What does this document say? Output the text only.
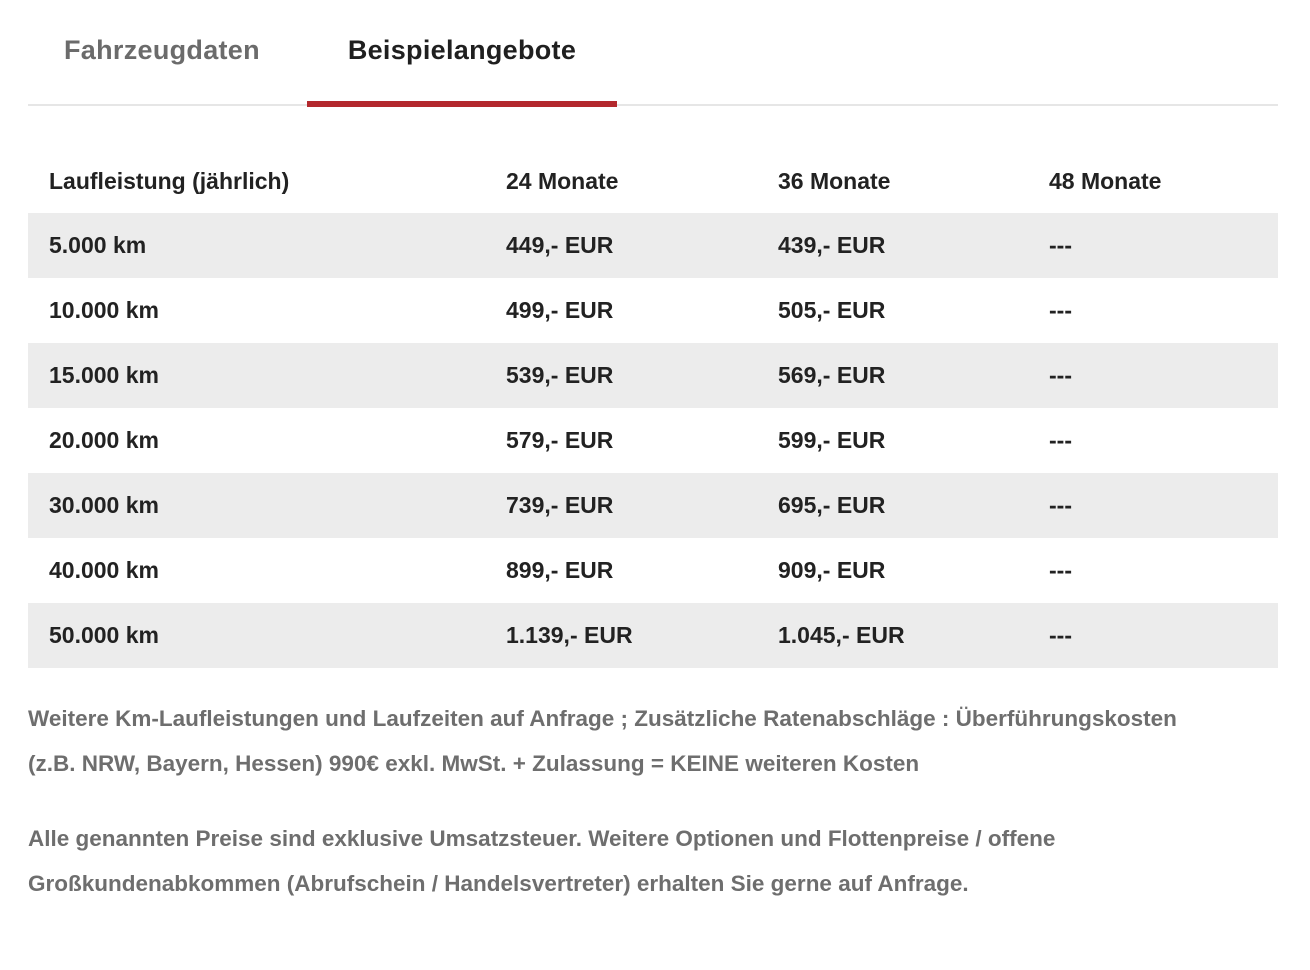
Fahrzeugdaten	Beispielangebote
Laufleistung (jährlich)	24 Monate	36 Monate	48 Monate
5.000 km	449,- EUR	439,- EUR	---
10.000 km	499,- EUR	505,- EUR	---
15.000 km	539,- EUR	569,- EUR	---
20.000 km	579,- EUR	599,- EUR	---
30.000 km	739,- EUR	695,- EUR	---
40.000 km	899,- EUR	909,- EUR	---
50.000 km	1.139,- EUR	1.045,- EUR	---

Weitere Km-Laufleistungen und Laufzeiten auf Anfrage ; Zusätzliche Ratenabschläge : Überführungskosten
(z.B. NRW, Bayern, Hessen) 990€ exkl. MwSt. + Zulassung = KEINE weiteren Kosten

Alle genannten Preise sind exklusive Umsatzsteuer. Weitere Optionen und Flottenpreise / offene
Großkundenabkommen (Abrufschein / Handelsvertreter) erhalten Sie gerne auf Anfrage.
